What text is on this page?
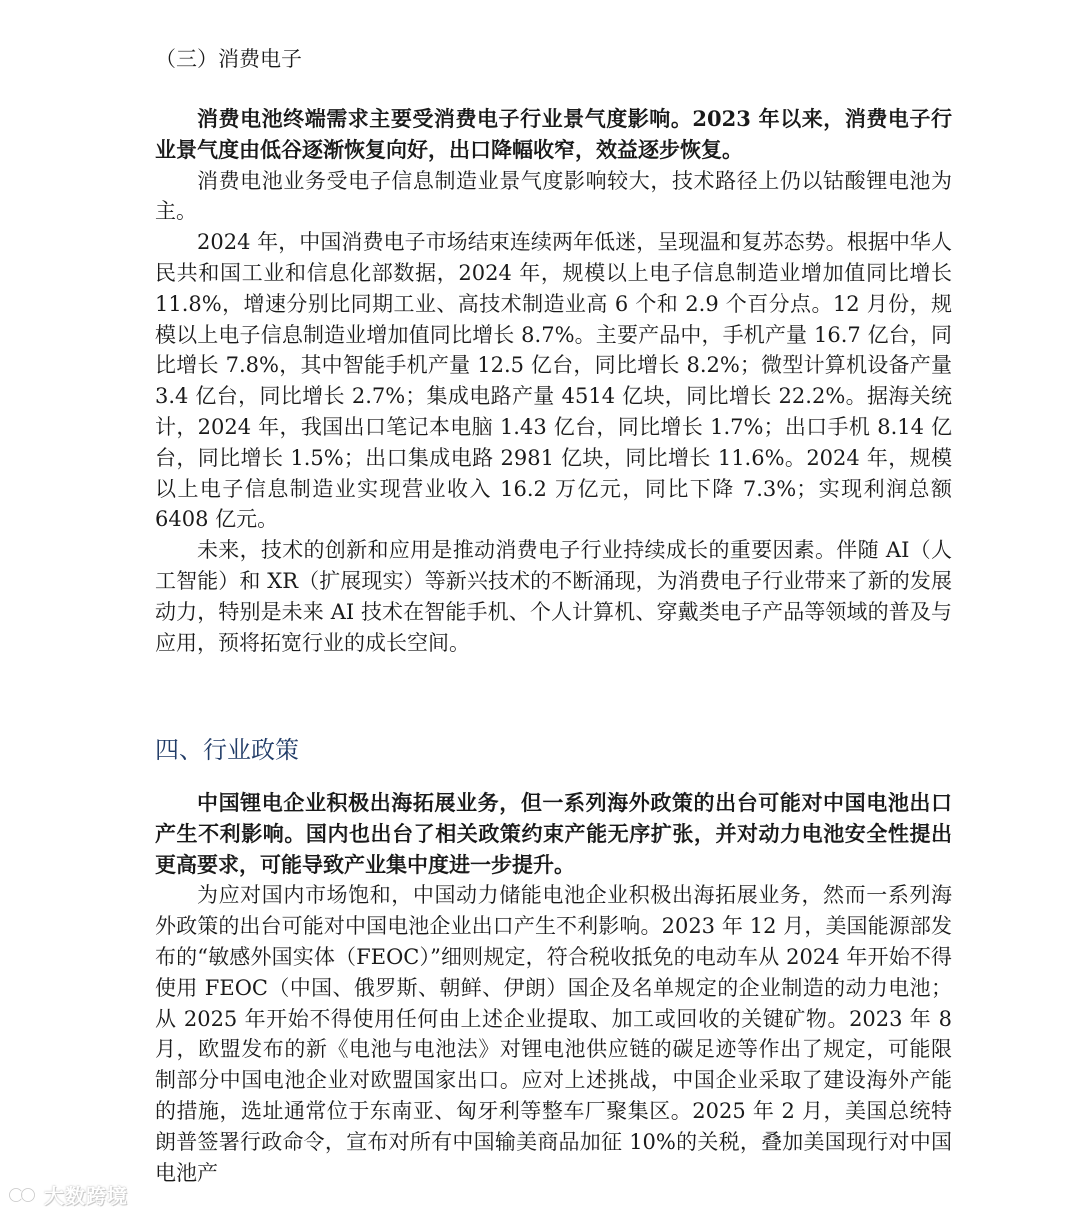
（三）消费电子

消费电池终端需求主要受消费电子行业景气度影响。2023 年以来，消费电子行业景气度由低谷逐渐恢复向好，出口降幅收窄，效益逐步恢复。

消费电池业务受电子信息制造业景气度影响较大，技术路径上仍以钴酸锂电池为主。

2024 年，中国消费电子市场结束连续两年低迷，呈现温和复苏态势。根据中华人民共和国工业和信息化部数据，2024 年，规模以上电子信息制造业增加值同比增长 11.8%，增速分别比同期工业、高技术制造业高 6 个和 2.9 个百分点。12 月份，规模以上电子信息制造业增加值同比增长 8.7%。主要产品中，手机产量 16.7 亿台，同比增长 7.8%，其中智能手机产量 12.5 亿台，同比增长 8.2%；微型计算机设备产量 3.4 亿台，同比增长 2.7%；集成电路产量 4514 亿块，同比增长 22.2%。据海关统计，2024 年，我国出口笔记本电脑 1.43 亿台，同比增长 1.7%；出口手机 8.14 亿台，同比增长 1.5%；出口集成电路 2981 亿块，同比增长 11.6%。2024 年，规模以上电子信息制造业实现营业收入 16.2 万亿元，同比下降 7.3%；实现利润总额 6408 亿元。

未来，技术的创新和应用是推动消费电子行业持续成长的重要因素。伴随 AI（人工智能）和 XR（扩展现实）等新兴技术的不断涌现，为消费电子行业带来了新的发展动力，特别是未来 AI 技术在智能手机、个人计算机、穿戴类电子产品等领域的普及与应用，预将拓宽行业的成长空间。

四、行业政策

中国锂电企业积极出海拓展业务，但一系列海外政策的出台可能对中国电池出口产生不利影响。国内也出台了相关政策约束产能无序扩张，并对动力电池安全性提出更高要求，可能导致产业集中度进一步提升。

为应对国内市场饱和，中国动力储能电池企业积极出海拓展业务，然而一系列海外政策的出台可能对中国电池企业出口产生不利影响。2023 年 12 月，美国能源部发布的“敏感外国实体（FEOC）”细则规定，符合税收抵免的电动车从 2024 年开始不得使用 FEOC（中国、俄罗斯、朝鲜、伊朗）国企及名单规定的企业制造的动力电池；从 2025 年开始不得使用任何由上述企业提取、加工或回收的关键矿物。2023 年 8 月，欧盟发布的新《电池与电池法》对锂电池供应链的碳足迹等作出了规定，可能限制部分中国电池企业对欧盟国家出口。应对上述挑战，中国企业采取了建设海外产能的措施，选址通常位于东南亚、匈牙利等整车厂聚集区。2025 年 2 月，美国总统特朗普签署行政命令，宣布对所有中国输美商品加征 10%的关税，叠加美国现行对中国电池产

大数跨境
